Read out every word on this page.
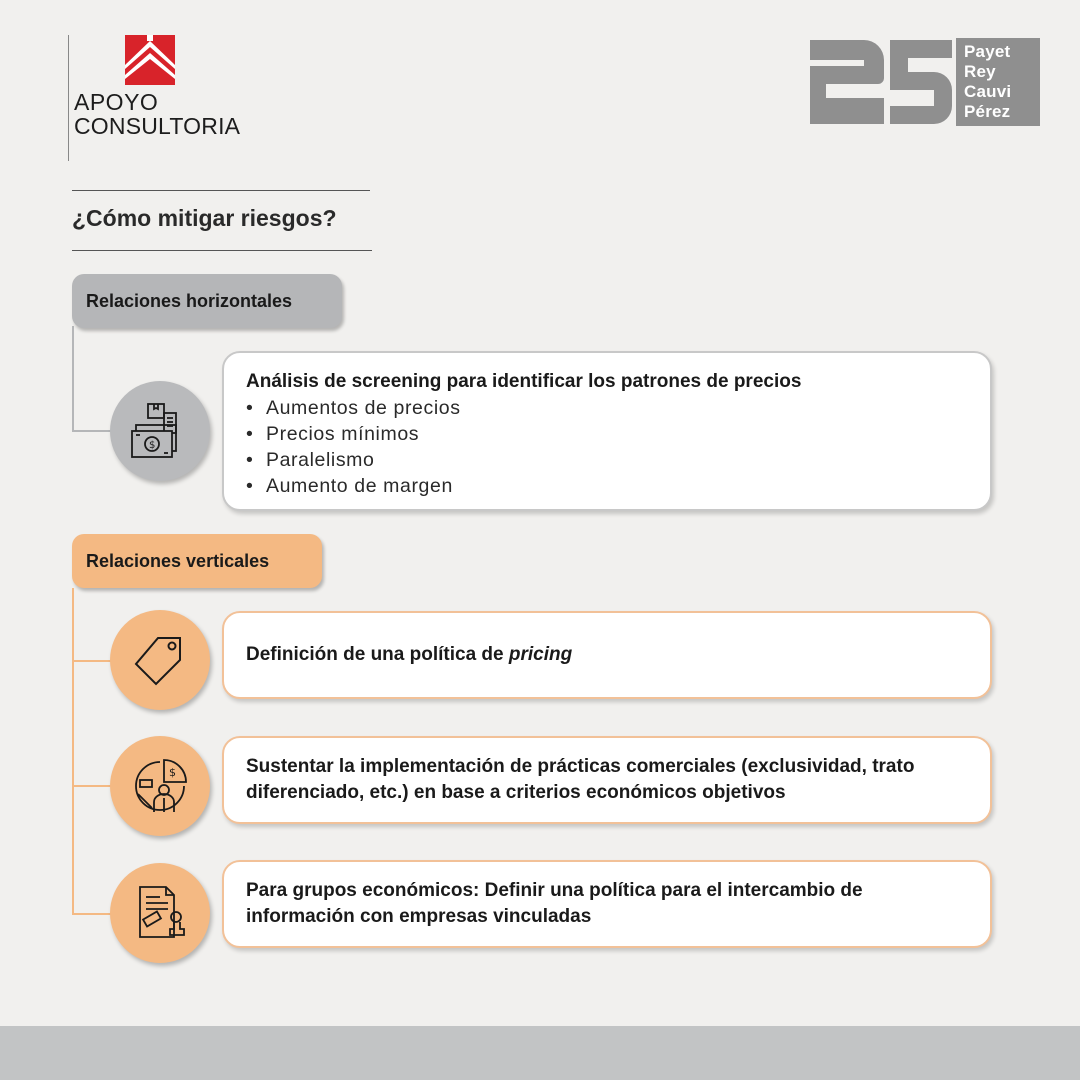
APOYO
CONSULTORIA
Payet
Rey
Cauvi
Pérez
¿Cómo mitigar riesgos?
Relaciones horizontales
$
Análisis de screening para identificar los patrones de precios
• Aumentos de precios
• Precios mínimos
• Paralelismo
• Aumento de margen
Relaciones verticales
Definición de una política de pricing
$	Sustentar la implementación de prácticas comerciales (exclusividad, trato diferenciado, etc.) en base a criterios económicos objetivos
Para grupos económicos: Definir una política para el intercambio de información con empresas vinculadas
